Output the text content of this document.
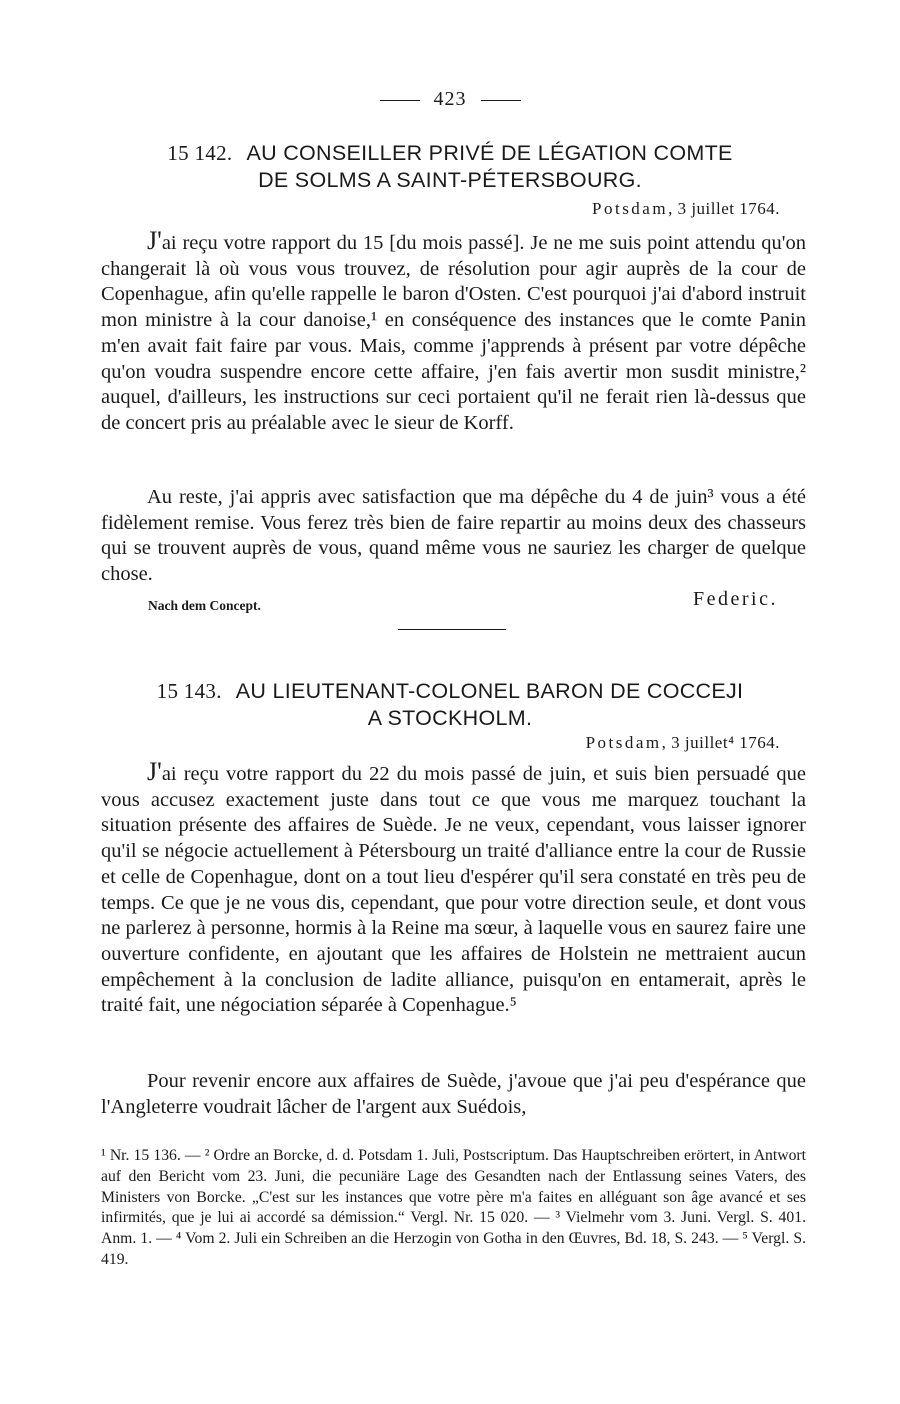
423
15 142. AU CONSEILLER PRIVÉ DE LÉGATION COMTE
DE SOLMS A SAINT-PÉTERSBOURG.
Potsdam, 3 juillet 1764.

J'ai reçu votre rapport du 15 [du mois passé]. Je ne me suis point attendu qu'on changerait là où vous vous trouvez, de résolution pour agir auprès de la cour de Copenhague, afin qu'elle rappelle le baron d'Osten. C'est pourquoi j'ai d'abord instruit mon ministre à la cour danoise,¹ en conséquence des instances que le comte Panin m'en avait fait faire par vous. Mais, comme j'apprends à présent par votre dépêche qu'on voudra suspendre encore cette affaire, j'en fais avertir mon susdit ministre,² auquel, d'ailleurs, les instructions sur ceci portaient qu'il ne ferait rien là-dessus que de concert pris au préalable avec le sieur de Korff.

Au reste, j'ai appris avec satisfaction que ma dépêche du 4 de juin³ vous a été fidèlement remise. Vous ferez très bien de faire repartir au moins deux des chasseurs qui se trouvent auprès de vous, quand même vous ne sauriez les charger de quelque chose.

Nach dem Concept.	Federic.
15 143. AU LIEUTENANT-COLONEL BARON DE COCCEJI
A STOCKHOLM.
Potsdam, 3 juillet⁴ 1764.

J'ai reçu votre rapport du 22 du mois passé de juin, et suis bien persuadé que vous accusez exactement juste dans tout ce que vous me marquez touchant la situation présente des affaires de Suède. Je ne veux, cependant, vous laisser ignorer qu'il se négocie actuellement à Pétersbourg un traité d'alliance entre la cour de Russie et celle de Copenhague, dont on a tout lieu d'espérer qu'il sera constaté en très peu de temps. Ce que je ne vous dis, cependant, que pour votre direction seule, et dont vous ne parlerez à personne, hormis à la Reine ma sœur, à laquelle vous en saurez faire une ouverture confidente, en ajoutant que les affaires de Holstein ne mettraient aucun empêchement à la conclusion de ladite alliance, puisqu'on en entamerait, après le traité fait, une négociation séparée à Copenhague.⁵

Pour revenir encore aux affaires de Suède, j'avoue que j'ai peu d'espérance que l'Angleterre voudrait lâcher de l'argent aux Suédois,

¹ Nr. 15 136. — ² Ordre an Borcke, d. d. Potsdam 1. Juli, Postscriptum. Das Hauptschreiben erörtert, in Antwort auf den Bericht vom 23. Juni, die pecuniäre Lage des Gesandten nach der Entlassung seines Vaters, des Ministers von Borcke. „C'est sur les instances que votre père m'a faites en alléguant son âge avancé et ses infirmités, que je lui ai accordé sa démission.“ Vergl. Nr. 15 020. — ³ Vielmehr vom 3. Juni. Vergl. S. 401. Anm. 1. — ⁴ Vom 2. Juli ein Schreiben an die Herzogin von Gotha in den Œuvres, Bd. 18, S. 243. — ⁵ Vergl. S. 419.
